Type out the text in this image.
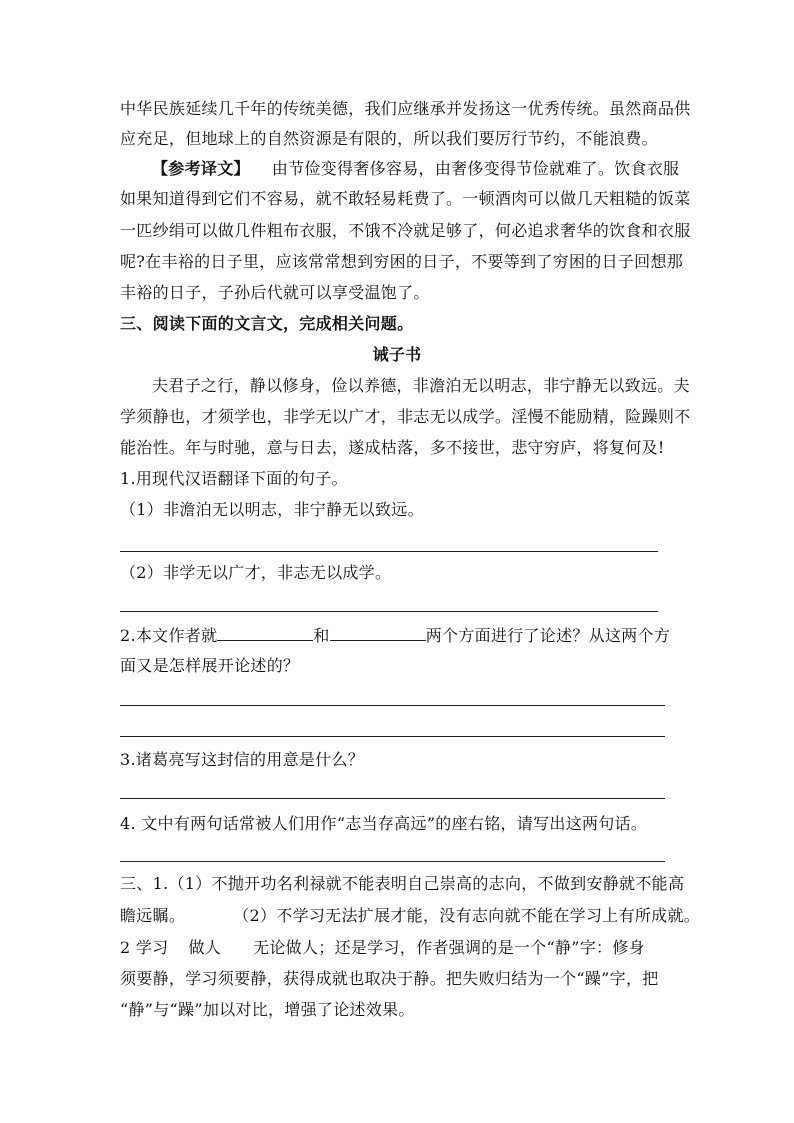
中华民族延续几千年的传统美德，我们应继承并发扬这一优秀传统。虽然商品供
应充足，但地球上的自然资源是有限的，所以我们要厉行节约，不能浪费。
【参考译文】 由节俭变得奢侈容易，由奢侈变得节俭就难了。饮食衣服
如果知道得到它们不容易，就不敢轻易耗费了。一顿酒肉可以做几天粗糙的饭菜
一匹纱绢可以做几件粗布衣服，不饿不冷就足够了，何必追求奢华的饮食和衣服
呢?在丰裕的日子里，应该常常想到穷困的日子，不要等到了穷困的日子回想那
丰裕的日子，子孙后代就可以享受温饱了。
三、阅读下面的文言文，完成相关问题。
诫子书
夫君子之行，静以修身，俭以养德，非澹泊无以明志，非宁静无以致远。夫
学须静也，才须学也，非学无以广才，非志无以成学。淫慢不能励精，险躁则不
能治性。年与时驰，意与日去，遂成枯落，多不接世，悲守穷庐，将复何及!
1.用现代汉语翻译下面的句子。
（1）非澹泊无以明志，非宁静无以致远。
（2）非学无以广才，非志无以成学。
2.本文作者就	和	两个方面进行了论述？从这两个方
面又是怎样展开论述的？
3.诸葛亮写这封信的用意是什么？
4. 文中有两句话常被人们用作“志当存高远”的座右铭，请写出这两句话。
三、1.（1）不抛开功名利禄就不能表明自己崇高的志向，不做到安静就不能高
瞻远瞩。	（2）不学习无法扩展才能，没有志向就不能在学习上有所成就。
2 学习 做人 无论做人；还是学习，作者强调的是一个“静”字：修身
须要静，学习须要静，获得成就也取决于静。把失败归结为一个“躁”字，把
“静”与“躁”加以对比，增强了论述效果。
